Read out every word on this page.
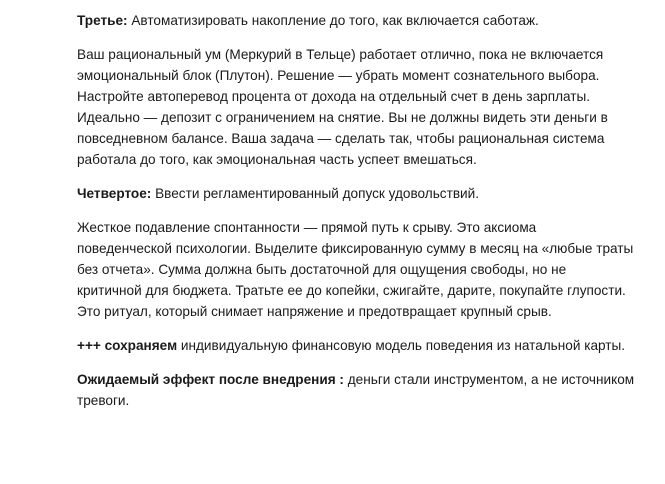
Третье: Автоматизировать накопление до того, как включается саботаж.

Ваш рациональный ум (Меркурий в Тельце) работает отлично, пока не включается

эмоциональный блок (Плутон). Решение — убрать момент сознательного выбора.

Настройте автоперевод процента от дохода на отдельный счет в день зарплаты.

Идеально — депозит с ограничением на снятие. Вы не должны видеть эти деньги в

повседневном балансе. Ваша задача — сделать так, чтобы рациональная система

работала до того, как эмоциональная часть успеет вмешаться.

Четвертое: Ввести регламентированный допуск удовольствий.

Жесткое подавление спонтанности — прямой путь к срыву. Это аксиома

поведенческой психологии. Выделите фиксированную сумму в месяц на «любые траты

без отчета». Сумма должна быть достаточной для ощущения свободы, но не

критичной для бюджета. Тратьте ее до копейки, сжигайте, дарите, покупайте глупости.

Это ритуал, который снимает напряжение и предотвращает крупный срыв.

+++ сохраняем индивидуальную финансовую модель поведения из натальной карты.

Ожидаемый эффект после внедрения : деньги стали инструментом, а не источником

тревоги.
